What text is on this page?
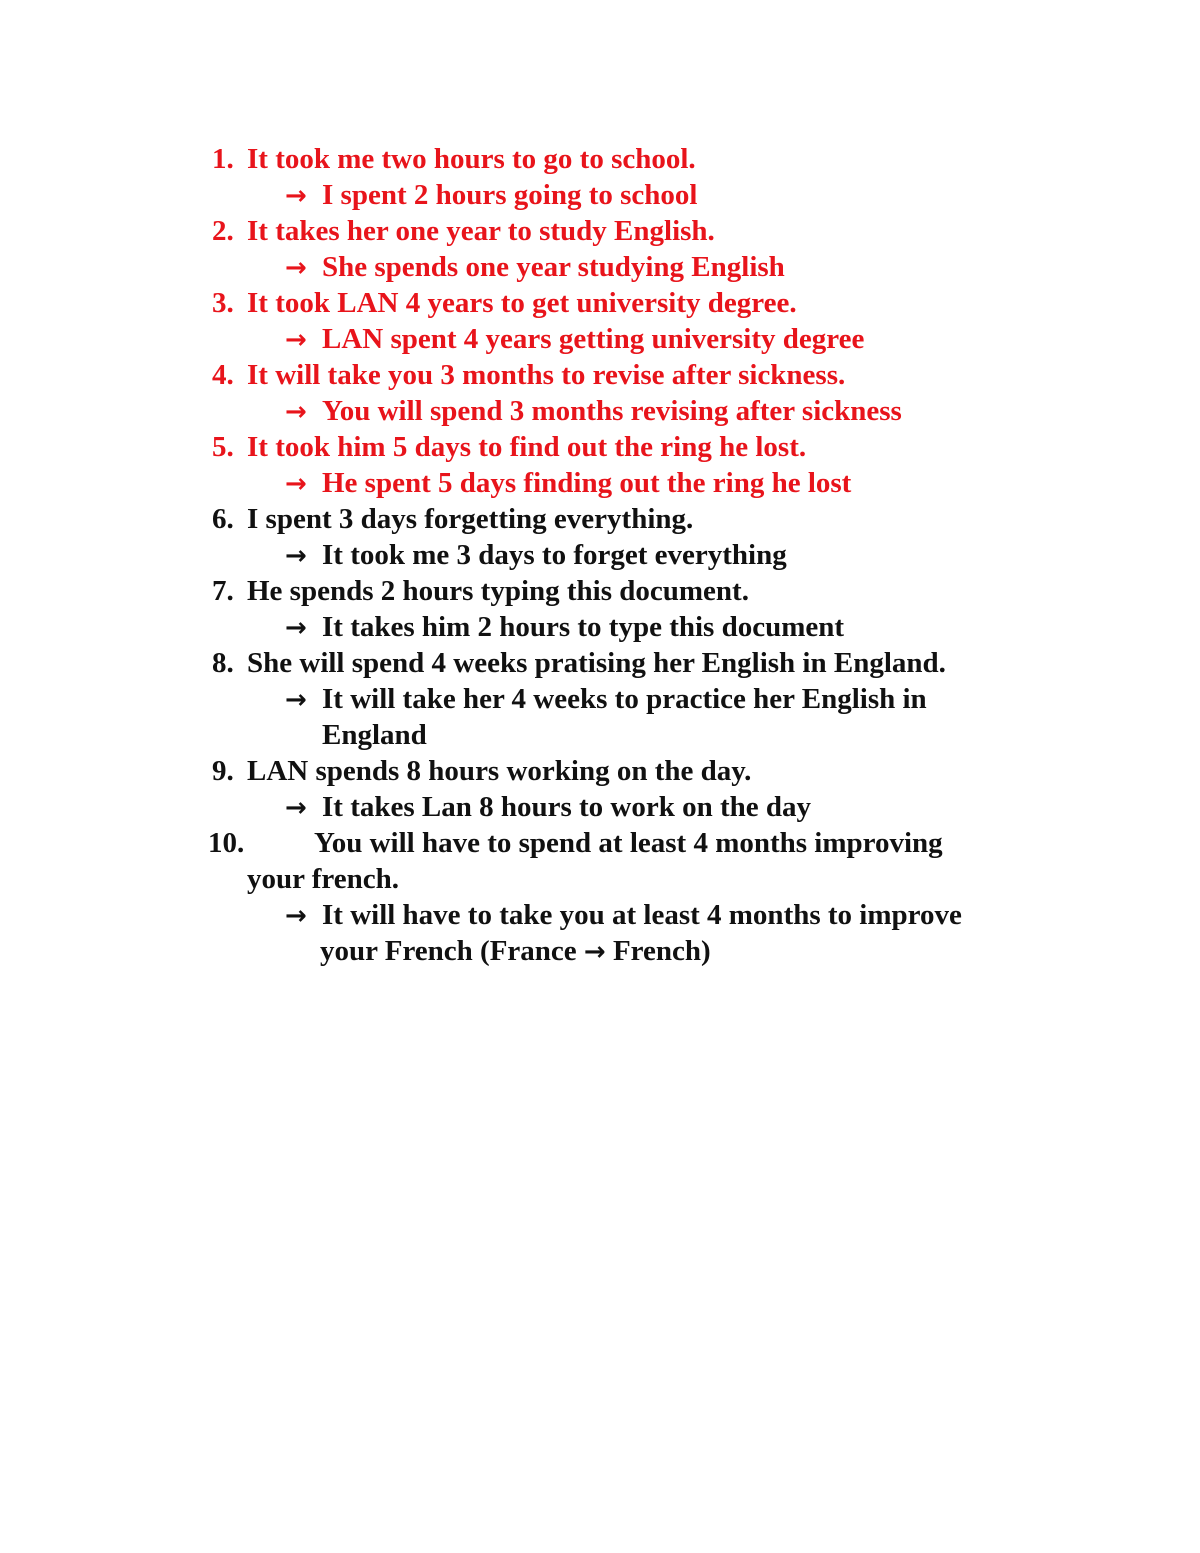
1. It took me two hours to go to school.
→ I spent 2 hours going to school
2. It takes her one year to study English.
→ She spends one year studying English
3. It took LAN 4 years to get university degree.
→ LAN spent 4 years getting university degree
4. It will take you 3 months to revise after sickness.
→ You will spend 3 months revising after sickness
5. It took him 5 days to find out the ring he lost.
→ He spent 5 days finding out the ring he lost
6. I spent 3 days forgetting everything.
→ It took me 3 days to forget everything
7. He spends 2 hours typing this document.
→ It takes him 2 hours to type this document
8. She will spend 4 weeks pratising her English in England.
→ It will take her 4 weeks to practice her English in
England
9. LAN spends 8 hours working on the day.
→ It takes Lan 8 hours to work on the day
10. You will have to spend at least 4 months improving
your french.
→ It will have to take you at least 4 months to improve
your French (France → French)
